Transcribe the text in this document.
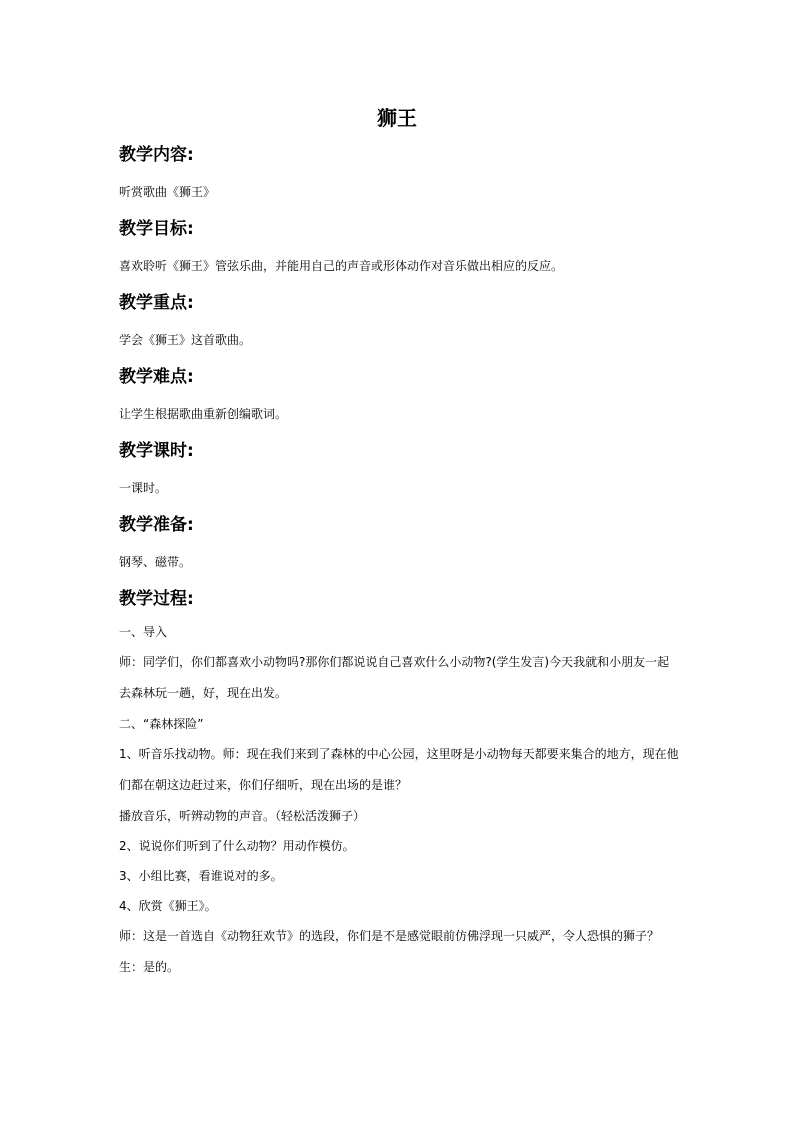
狮王

教学内容:

听赏歌曲《狮王》

教学目标:

喜欢聆听《狮王》管弦乐曲，并能用自己的声音或形体动作对音乐做出相应的反应。

教学重点:

学会《狮王》这首歌曲。

教学难点:

让学生根据歌曲重新创编歌词。

教学课时:

一课时。

教学准备:

钢琴、磁带。

教学过程:

一、导入

师：同学们，你们都喜欢小动物吗?那你们都说说自己喜欢什么小动物?(学生发言)今天我就和小朋友一起去森林玩一趟，好，现在出发。

二、“森林探险”

1、听音乐找动物。师：现在我们来到了森林的中心公园，这里呀是小动物每天都要来集合的地方，现在他们都在朝这边赶过来，你们仔细听，现在出场的是谁？

播放音乐，听辨动物的声音。（轻松活泼狮子）

2、说说你们听到了什么动物？用动作模仿。

3、小组比赛，看谁说对的多。

4、欣赏《狮王》。

师：这是一首选自《动物狂欢节》的选段，你们是不是感觉眼前仿佛浮现一只威严，令人恐惧的狮子？

生：是的。
